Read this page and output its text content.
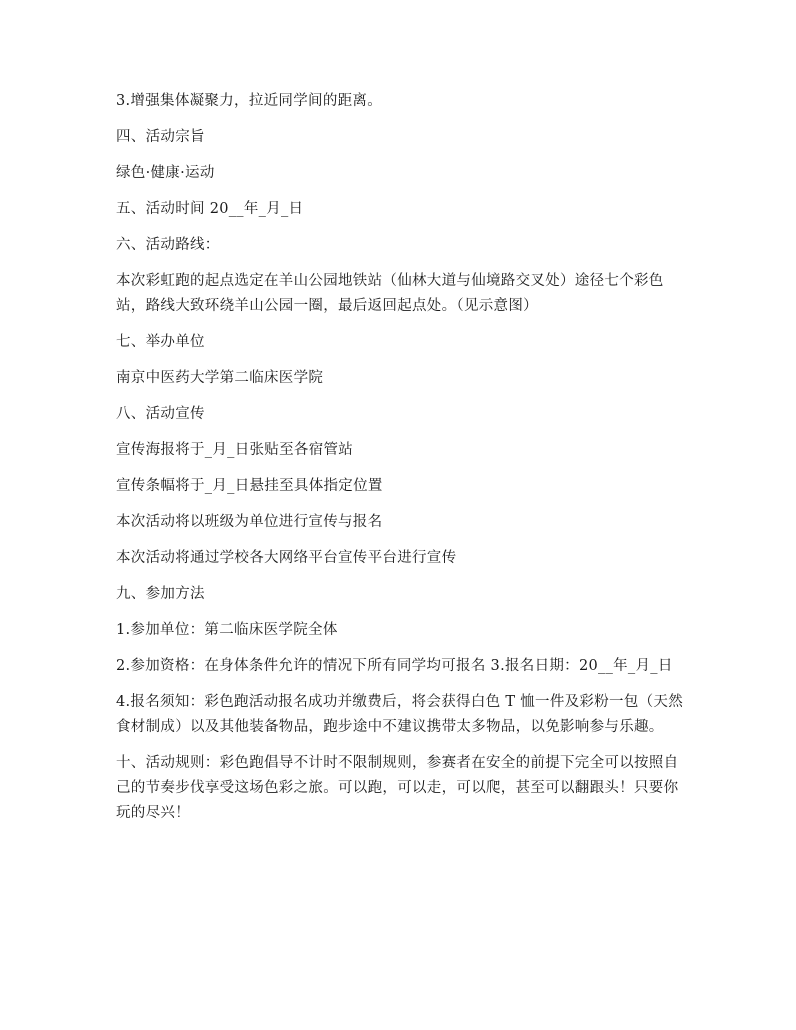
3.增强集体凝聚力，拉近同学间的距离。

四、活动宗旨

绿色·健康·运动

五、活动时间 20__年_月_日

六、活动路线：

本次彩虹跑的起点选定在羊山公园地铁站（仙林大道与仙境路交叉处）途径七个彩色站，路线大致环绕羊山公园一圈，最后返回起点处。（见示意图）

七、举办单位

南京中医药大学第二临床医学院

八、活动宣传

宣传海报将于_月_日张贴至各宿管站

宣传条幅将于_月_日悬挂至具体指定位置

本次活动将以班级为单位进行宣传与报名

本次活动将通过学校各大网络平台宣传平台进行宣传

九、参加方法

1.参加单位：第二临床医学院全体

2.参加资格：在身体条件允许的情况下所有同学均可报名 3.报名日期：20__年_月_日

4.报名须知：彩色跑活动报名成功并缴费后，将会获得白色 T 恤一件及彩粉一包（天然食材制成）以及其他装备物品，跑步途中不建议携带太多物品，以免影响参与乐趣。

十、活动规则：彩色跑倡导不计时不限制规则，参赛者在安全的前提下完全可以按照自己的节奏步伐享受这场色彩之旅。可以跑，可以走，可以爬，甚至可以翻跟头！只要你玩的尽兴！
